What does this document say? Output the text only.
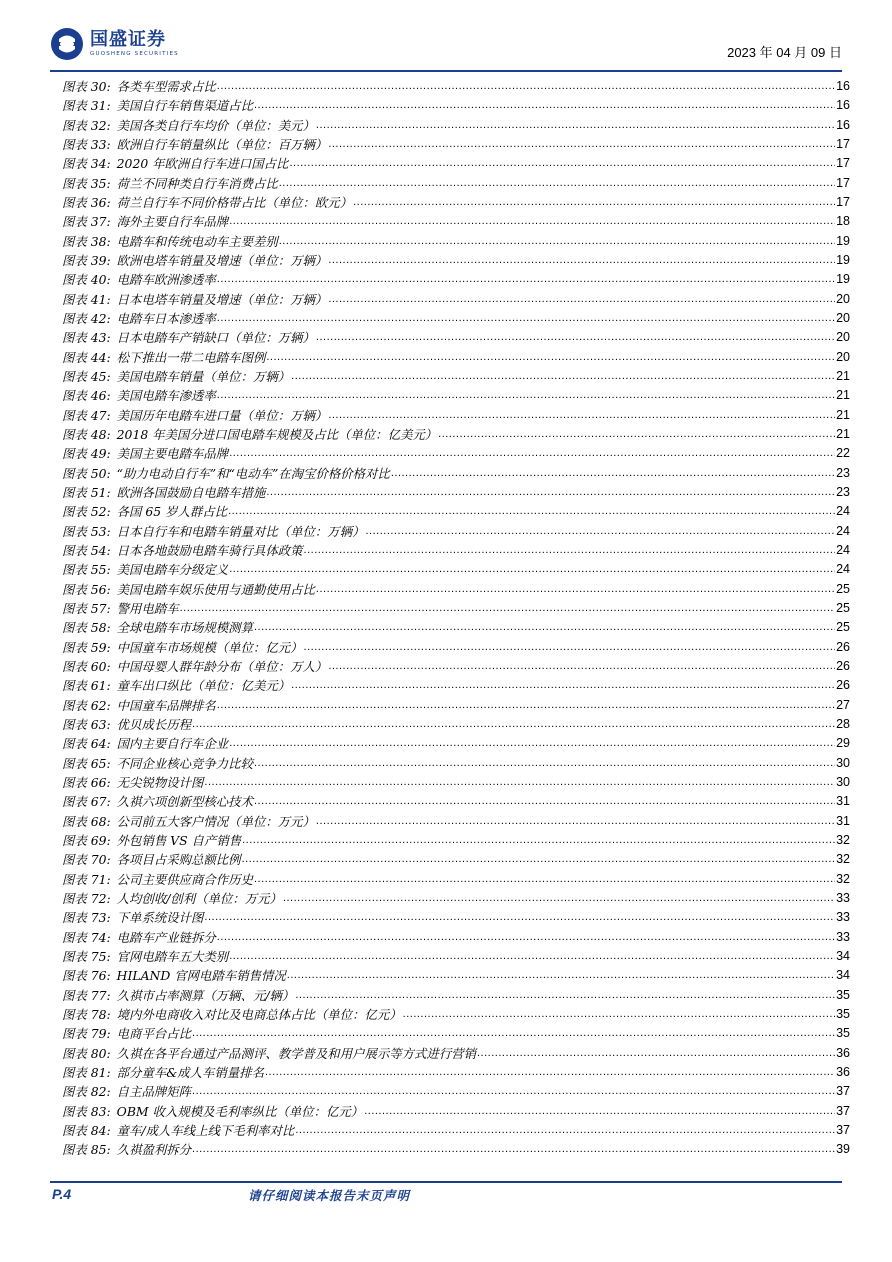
国盛证券
GUOSHENG SECURITIES	2023 年 04 月 09 日
图表 30: 各类车型需求占比 .....	16
图表 31: 美国自行车销售渠道占比 .....	16
图表 32: 美国各类自行车均价（单位：美元） .....	16
图表 33: 欧洲自行车销量纵比（单位：百万辆） .....	17
图表 34: 2020 年欧洲自行车进口国占比 .....	17
图表 35: 荷兰不同种类自行车消费占比 .....	17
图表 36: 荷兰自行车不同价格带占比（单位：欧元） .....	17
图表 37: 海外主要自行车品牌 .....	18
图表 38: 电踏车和传统电动车主要差别 .....	19
图表 39: 欧洲电塔车销量及增速（单位：万辆） .....	19
图表 40: 电踏车欧洲渗透率 .....	19
图表 41: 日本电塔车销量及增速（单位：万辆） .....	20
图表 42: 电踏车日本渗透率 .....	20
图表 43: 日本电踏车产销缺口（单位：万辆） .....	20
图表 44: 松下推出一带二电踏车图例 .....	20
图表 45: 美国电踏车销量（单位：万辆） .....	21
图表 46: 美国电踏车渗透率 .....	21
图表 47: 美国历年电踏车进口量（单位：万辆） .....	21
图表 48: 2018 年美国分进口国电踏车规模及占比（单位：亿美元） .....	21
图表 49: 美国主要电踏车品牌 .....	22
图表 50: “助力电动自行车”和“电动车”在淘宝价格价格对比 .....	23
图表 51: 欧洲各国鼓励自电踏车措施 .....	23
图表 52: 各国 65 岁人群占比 .....	24
图表 53: 日本自行车和电踏车销量对比（单位：万辆） .....	24
图表 54: 日本各地鼓励电踏车骑行具体政策 .....	24
图表 55: 美国电踏车分级定义 .....	24
图表 56: 美国电踏车娱乐使用与通勤使用占比 .....	25
图表 57: 警用电踏车 .....	25
图表 58: 全球电踏车市场规模测算 .....	25
图表 59: 中国童车市场规模（单位：亿元） .....	26
图表 60: 中国母婴人群年龄分布（单位：万人） .....	26
图表 61: 童车出口纵比（单位：亿美元） .....	26
图表 62: 中国童车品牌排名 .....	27
图表 63: 优贝成长历程 .....	28
图表 64: 国内主要自行车企业 .....	29
图表 65: 不同企业核心竞争力比较 .....	30
图表 66: 无尖锐物设计图 .....	30
图表 67: 久祺六项创新型核心技术 .....	31
图表 68: 公司前五大客户情况（单位：万元） .....	31
图表 69: 外包销售 VS 自产销售 .....	32
图表 70: 各项目占采购总额比例 .....	32
图表 71: 公司主要供应商合作历史 .....	32
图表 72: 人均创收/创利（单位：万元） .....	33
图表 73: 下单系统设计图 .....	33
图表 74: 电踏车产业链拆分 .....	33
图表 75: 官网电踏车五大类别 .....	34
图表 76: HILAND 官网电踏车销售情况 .....	34
图表 77: 久祺市占率测算（万辆、元/辆） .....	35
图表 78: 境内外电商收入对比及电商总体占比（单位：亿元） .....	35
图表 79: 电商平台占比 .....	35
图表 80: 久祺在各平台通过产品测评、教学普及和用户展示等方式进行营销 .....	36
图表 81: 部分童车&成人车销量排名 .....	36
图表 82: 自主品牌矩阵 .....	37
图表 83: OBM 收入规模及毛利率纵比（单位：亿元） .....	37
图表 84: 童车/成人车线上线下毛利率对比 .....	37
图表 85: 久祺盈利拆分 .....	39
P.4	请仔细阅读本报告末页声明
